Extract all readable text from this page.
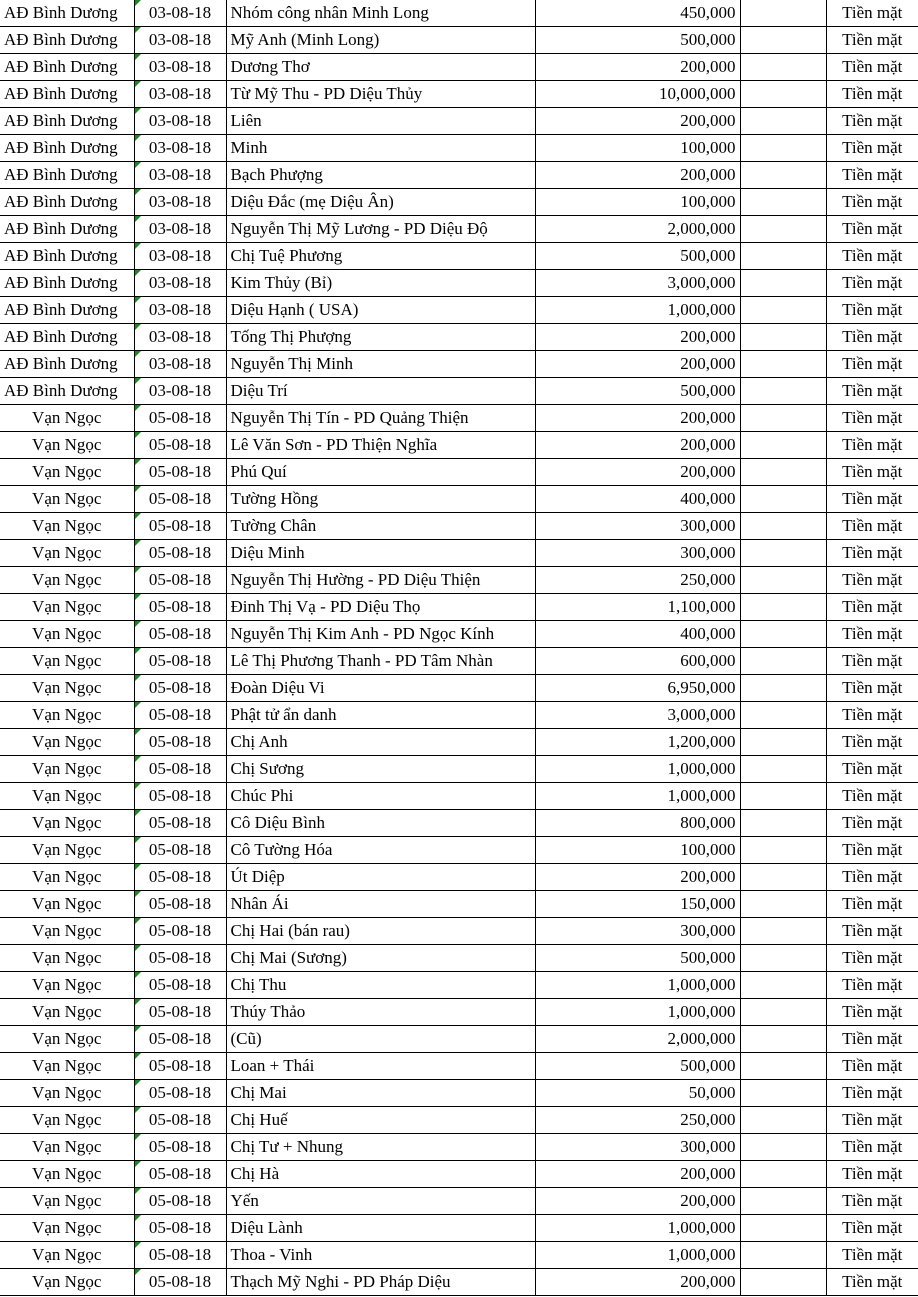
AĐ Bình Dương	03-08-18	Nhóm công nhân Minh Long	450,000		Tiền mặt
AĐ Bình Dương	03-08-18	Mỹ Anh (Minh Long)	500,000		Tiền mặt
AĐ Bình Dương	03-08-18	Dương Thơ	200,000		Tiền mặt
AĐ Bình Dương	03-08-18	Từ Mỹ Thu - PD Diệu Thủy	10,000,000		Tiền mặt
AĐ Bình Dương	03-08-18	Liên	200,000		Tiền mặt
AĐ Bình Dương	03-08-18	Minh	100,000		Tiền mặt
AĐ Bình Dương	03-08-18	Bạch Phượng	200,000		Tiền mặt
AĐ Bình Dương	03-08-18	Diệu Đắc (mẹ Diệu Ân)	100,000		Tiền mặt
AĐ Bình Dương	03-08-18	Nguyễn Thị Mỹ Lương - PD Diệu Độ	2,000,000		Tiền mặt
AĐ Bình Dương	03-08-18	Chị Tuệ Phương	500,000		Tiền mặt
AĐ Bình Dương	03-08-18	Kim Thủy (Bỉ)	3,000,000		Tiền mặt
AĐ Bình Dương	03-08-18	Diệu Hạnh ( USA)	1,000,000		Tiền mặt
AĐ Bình Dương	03-08-18	Tống Thị Phượng	200,000		Tiền mặt
AĐ Bình Dương	03-08-18	Nguyễn Thị Minh	200,000		Tiền mặt
AĐ Bình Dương	03-08-18	Diệu Trí	500,000		Tiền mặt
Vạn Ngọc	05-08-18	Nguyễn Thị Tín - PD Quảng Thiện	200,000		Tiền mặt
Vạn Ngọc	05-08-18	Lê Văn Sơn - PD Thiện Nghĩa	200,000		Tiền mặt
Vạn Ngọc	05-08-18	Phú Quí	200,000		Tiền mặt
Vạn Ngọc	05-08-18	Tường Hồng	400,000		Tiền mặt
Vạn Ngọc	05-08-18	Tường Chân	300,000		Tiền mặt
Vạn Ngọc	05-08-18	Diệu Minh	300,000		Tiền mặt
Vạn Ngọc	05-08-18	Nguyễn Thị Hường - PD Diệu Thiện	250,000		Tiền mặt
Vạn Ngọc	05-08-18	Đinh Thị Vạ - PD Diệu Thọ	1,100,000		Tiền mặt
Vạn Ngọc	05-08-18	Nguyễn Thị Kim Anh - PD Ngọc Kính	400,000		Tiền mặt
Vạn Ngọc	05-08-18	Lê Thị Phương Thanh - PD Tâm Nhàn	600,000		Tiền mặt
Vạn Ngọc	05-08-18	Đoàn Diệu Vi	6,950,000		Tiền mặt
Vạn Ngọc	05-08-18	Phật tử ẩn danh	3,000,000		Tiền mặt
Vạn Ngọc	05-08-18	Chị Anh	1,200,000		Tiền mặt
Vạn Ngọc	05-08-18	Chị Sương	1,000,000		Tiền mặt
Vạn Ngọc	05-08-18	Chúc Phi	1,000,000		Tiền mặt
Vạn Ngọc	05-08-18	Cô Diệu Bình	800,000		Tiền mặt
Vạn Ngọc	05-08-18	Cô Tường Hóa	100,000		Tiền mặt
Vạn Ngọc	05-08-18	Út Diệp	200,000		Tiền mặt
Vạn Ngọc	05-08-18	Nhân Ái	150,000		Tiền mặt
Vạn Ngọc	05-08-18	Chị Hai (bán rau)	300,000		Tiền mặt
Vạn Ngọc	05-08-18	Chị Mai (Sương)	500,000		Tiền mặt
Vạn Ngọc	05-08-18	Chị Thu	1,000,000		Tiền mặt
Vạn Ngọc	05-08-18	Thúy Thảo	1,000,000		Tiền mặt
Vạn Ngọc	05-08-18	(Cũ)	2,000,000		Tiền mặt
Vạn Ngọc	05-08-18	Loan + Thái	500,000		Tiền mặt
Vạn Ngọc	05-08-18	Chị Mai	50,000		Tiền mặt
Vạn Ngọc	05-08-18	Chị Huế	250,000		Tiền mặt
Vạn Ngọc	05-08-18	Chị Tư + Nhung	300,000		Tiền mặt
Vạn Ngọc	05-08-18	Chị Hà	200,000		Tiền mặt
Vạn Ngọc	05-08-18	Yến	200,000		Tiền mặt
Vạn Ngọc	05-08-18	Diệu Lành	1,000,000		Tiền mặt
Vạn Ngọc	05-08-18	Thoa - Vinh	1,000,000		Tiền mặt
Vạn Ngọc	05-08-18	Thạch Mỹ Nghi - PD Pháp Diệu	200,000		Tiền mặt
